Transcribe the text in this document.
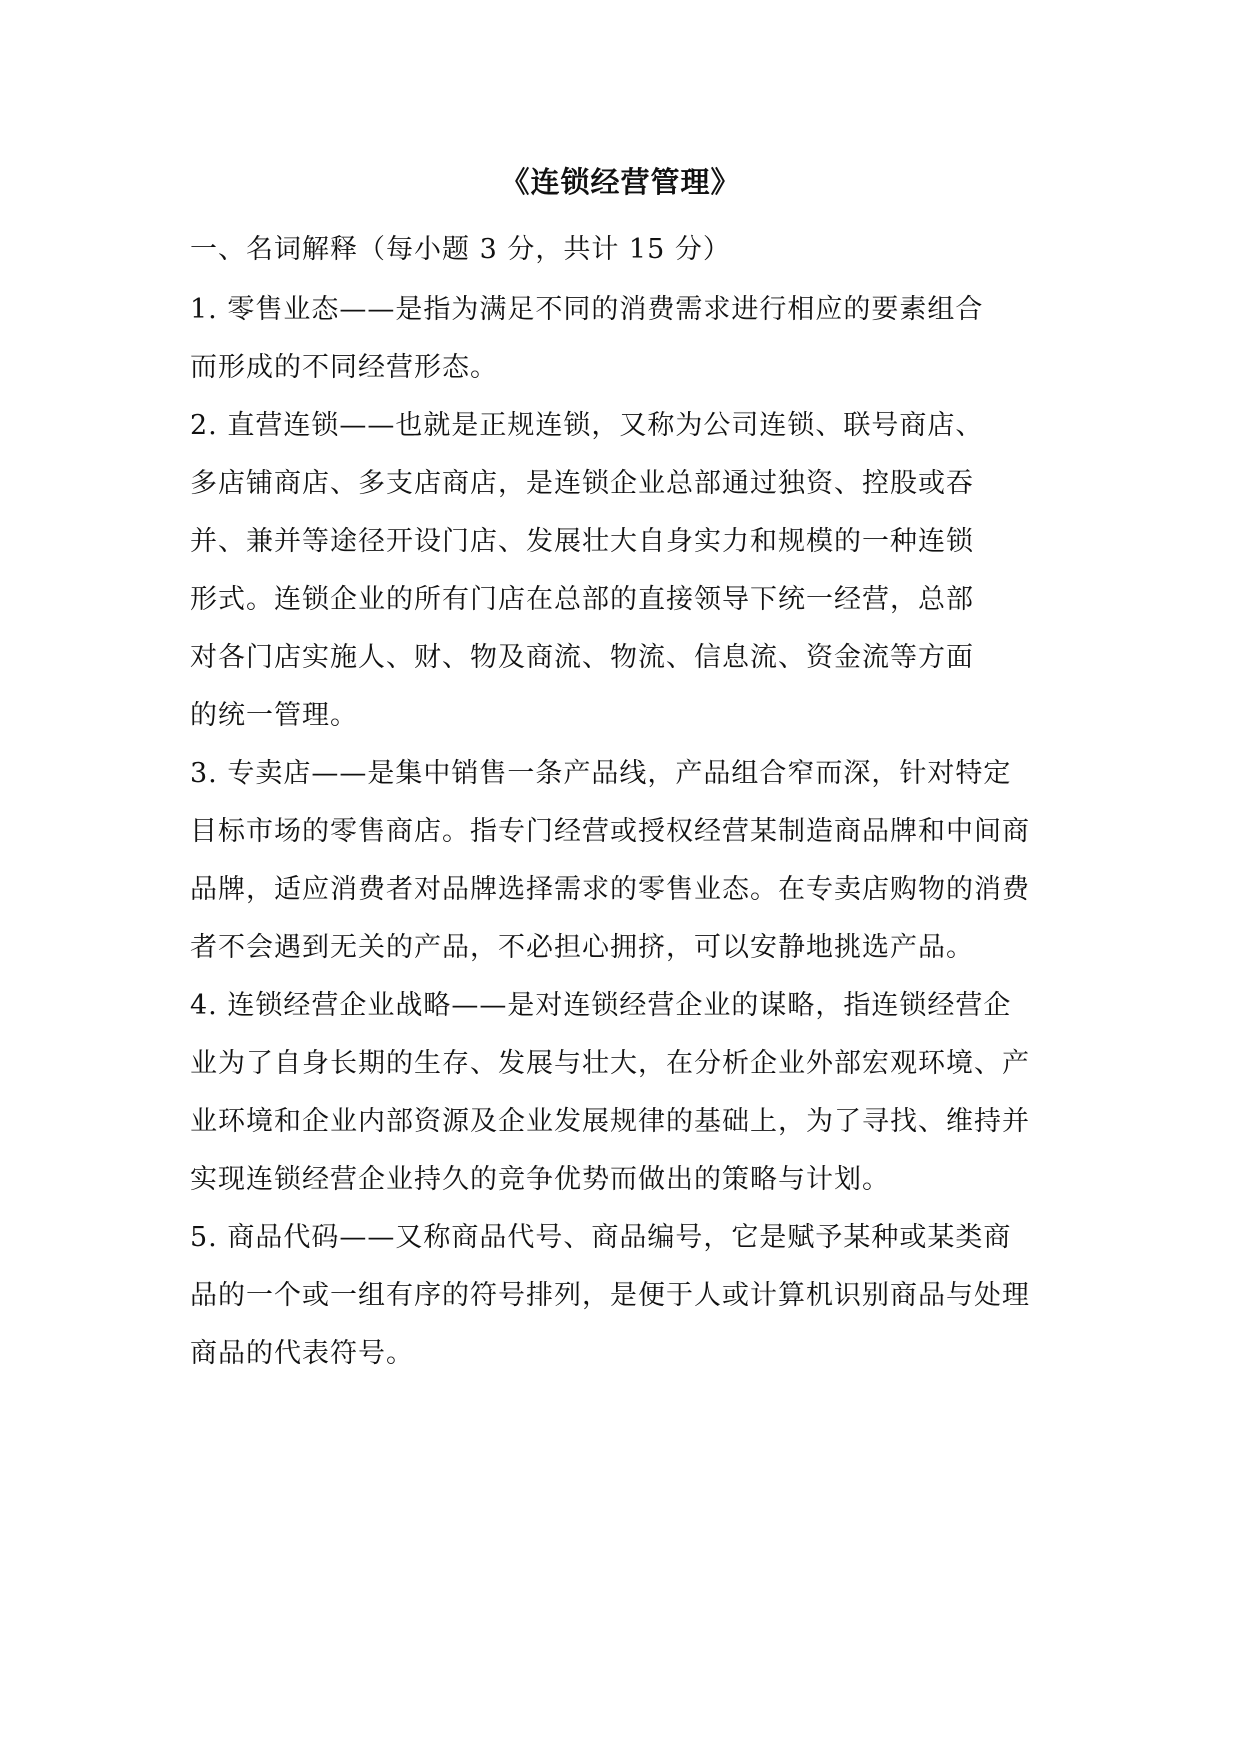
《连锁经营管理》
一、名词解释（每小题 3 分，共计 15 分）
1. 零售业态——是指为满足不同的消费需求进行相应的要素组合
而形成的不同经营形态。
2. 直营连锁——也就是正规连锁，又称为公司连锁、联号商店、
多店铺商店、多支店商店，是连锁企业总部通过独资、控股或吞
并、兼并等途径开设门店、发展壮大自身实力和规模的一种连锁
形式。连锁企业的所有门店在总部的直接领导下统一经营，总部
对各门店实施人、财、物及商流、物流、信息流、资金流等方面
的统一管理。
3. 专卖店——是集中销售一条产品线，产品组合窄而深，针对特定
目标市场的零售商店。指专门经营或授权经营某制造商品牌和中间商
品牌，适应消费者对品牌选择需求的零售业态。在专卖店购物的消费
者不会遇到无关的产品，不必担心拥挤，可以安静地挑选产品。
4. 连锁经营企业战略——是对连锁经营企业的谋略，指连锁经营企
业为了自身长期的生存、发展与壮大，在分析企业外部宏观环境、产
业环境和企业内部资源及企业发展规律的基础上，为了寻找、维持并
实现连锁经营企业持久的竞争优势而做出的策略与计划。
5. 商品代码——又称商品代号、商品编号，它是赋予某种或某类商
品的一个或一组有序的符号排列，是便于人或计算机识别商品与处理
商品的代表符号。
